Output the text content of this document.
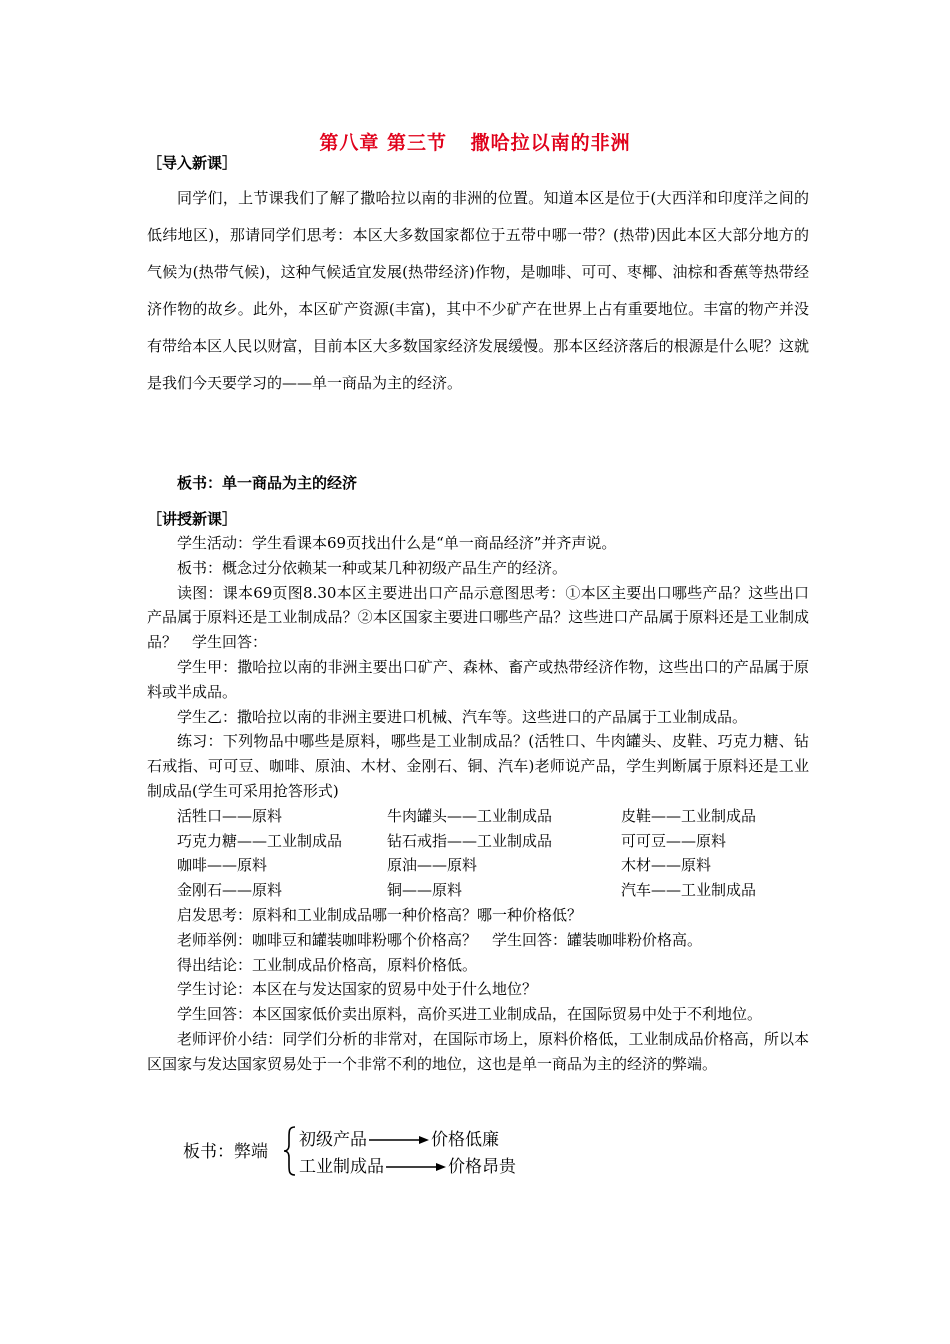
第八章 第三节 撒哈拉以南的非洲
［导入新课］

同学们，上节课我们了解了撒哈拉以南的非洲的位置。知道本区是位于(大西洋和印度洋之间的低纬地区)，那请同学们思考：本区大多数国家都位于五带中哪一带？(热带)因此本区大部分地方的气候为(热带气候)，这种气候适宜发展(热带经济)作物，是咖啡、可可、枣椰、油棕和香蕉等热带经济作物的故乡。此外，本区矿产资源(丰富)，其中不少矿产在世界上占有重要地位。丰富的物产并没有带给本区人民以财富，目前本区大多数国家经济发展缓慢。那本区经济落后的根源是什么呢？这就是我们今天要学习的——单一商品为主的经济。

板书：单一商品为主的经济
［讲授新课］

学生活动：学生看课本69页找出什么是“单一商品经济”并齐声说。

板书：概念过分依赖某一种或某几种初级产品生产的经济。

读图：课本69页图8.30本区主要进出口产品示意图思考：①本区主要出口哪些产品？这些出口产品属于原料还是工业制成品？②本区国家主要进口哪些产品？这些进口产品属于原料还是工业制成品？　学生回答：

学生甲：撒哈拉以南的非洲主要出口矿产、森林、畜产或热带经济作物，这些出口的产品属于原料或半成品。

学生乙：撒哈拉以南的非洲主要进口机械、汽车等。这些进口的产品属于工业制成品。

练习：下列物品中哪些是原料，哪些是工业制成品？(活牲口、牛肉罐头、皮鞋、巧克力糖、钻石戒指、可可豆、咖啡、原油、木材、金刚石、铜、汽车)老师说产品，学生判断属于原料还是工业制成品(学生可采用抢答形式)

活牲口——原料	牛肉罐头——工业制成品	皮鞋——工业制成品
巧克力糖——工业制成品	钻石戒指——工业制成品	可可豆——原料
咖啡——原料	原油——原料	木材——原料
金刚石——原料	铜——原料	汽车——工业制成品

启发思考：原料和工业制成品哪一种价格高？哪一种价格低？

老师举例：咖啡豆和罐装咖啡粉哪个价格高？　学生回答：罐装咖啡粉价格高。

得出结论：工业制成品价格高，原料价格低。

学生讨论：本区在与发达国家的贸易中处于什么地位？

学生回答：本区国家低价卖出原料，高价买进工业制成品，在国际贸易中处于不利地位。

老师评价小结：同学们分析的非常对，在国际市场上，原料价格低，工业制成品价格高，所以本区国家与发达国家贸易处于一个非常不利的地位，这也是单一商品为主的经济的弊端。

板书：弊端
初级产品	价格低廉
工业制成品	价格昂贵
